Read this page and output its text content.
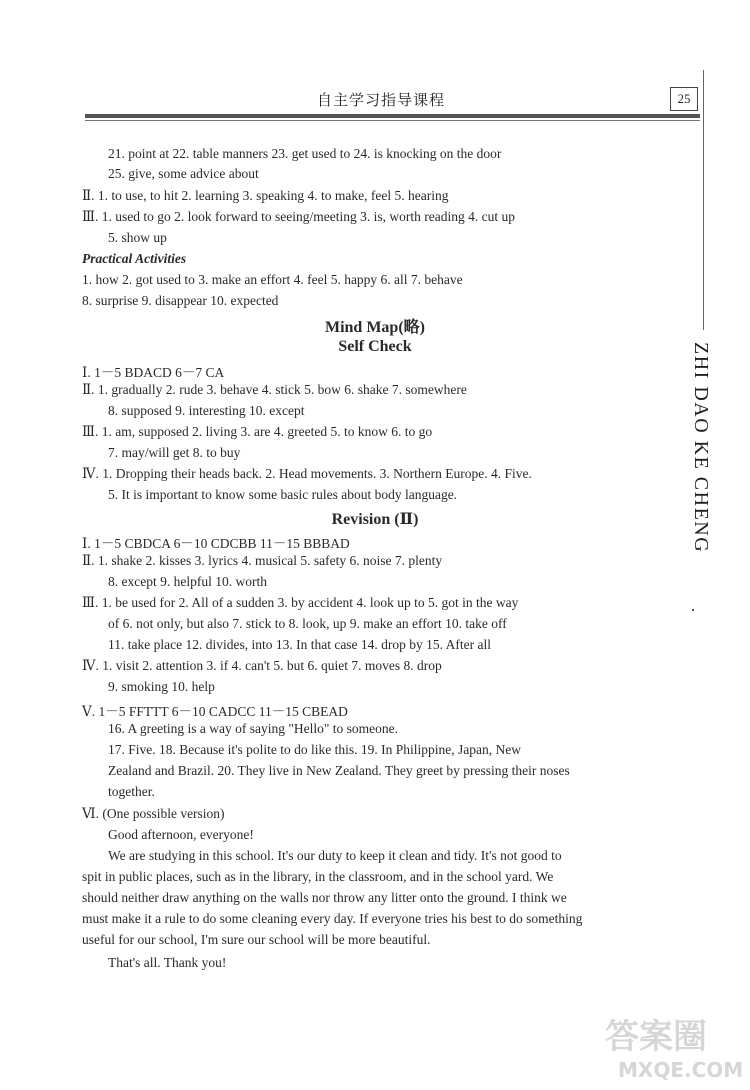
自主学习指导课程	25
ZHI DAO KE CHENG
·
21. point at 22. table manners 23. get used to 24. is knocking on the door
25. give, some advice about
Ⅱ. 1. to use, to hit 2. learning 3. speaking 4. to make, feel 5. hearing
Ⅲ. 1. used to go 2. look forward to seeing/meeting 3. is, worth reading 4. cut up
5. show up
Practical Activities
1. how 2. got used to 3. make an effort 4. feel 5. happy 6. all 7. behave
8. surprise 9. disappear 10. expected
Mind Map(略)
Self Check
Ⅰ. 1－5 BDACD 6－7 CA
Ⅱ. 1. gradually 2. rude 3. behave 4. stick 5. bow 6. shake 7. somewhere
8. supposed 9. interesting 10. except
Ⅲ. 1. am, supposed 2. living 3. are 4. greeted 5. to know 6. to go
7. may/will get 8. to buy
Ⅳ. 1. Dropping their heads back. 2. Head movements. 3. Northern Europe. 4. Five.
5. It is important to know some basic rules about body language.
Revision (Ⅱ)
Ⅰ. 1－5 CBDCA 6－10 CDCBB 11－15 BBBAD
Ⅱ. 1. shake 2. kisses 3. lyrics 4. musical 5. safety 6. noise 7. plenty
8. except 9. helpful 10. worth
Ⅲ. 1. be used for 2. All of a sudden 3. by accident 4. look up to 5. got in the way
of 6. not only, but also 7. stick to 8. look, up 9. make an effort 10. take off
11. take place 12. divides, into 13. In that case 14. drop by 15. After all
Ⅳ. 1. visit 2. attention 3. if 4. can't 5. but 6. quiet 7. moves 8. drop
9. smoking 10. help
Ⅴ. 1－5 FFTTT 6－10 CADCC 11－15 CBEAD
16. A greeting is a way of saying "Hello" to someone.
17. Five. 18. Because it's polite to do like this. 19. In Philippine, Japan, New
Zealand and Brazil. 20. They live in New Zealand. They greet by pressing their noses
together.
Ⅵ. (One possible version)
Good afternoon, everyone!
We are studying in this school. It's our duty to keep it clean and tidy. It's not good to
spit in public places, such as in the library, in the classroom, and in the school yard. We
should neither draw anything on the walls nor throw any litter onto the ground. I think we
must make it a rule to do some cleaning every day. If everyone tries his best to do something
useful for our school, I'm sure our school will be more beautiful.
That's all. Thank you!
答案圈
MXQE.COM
